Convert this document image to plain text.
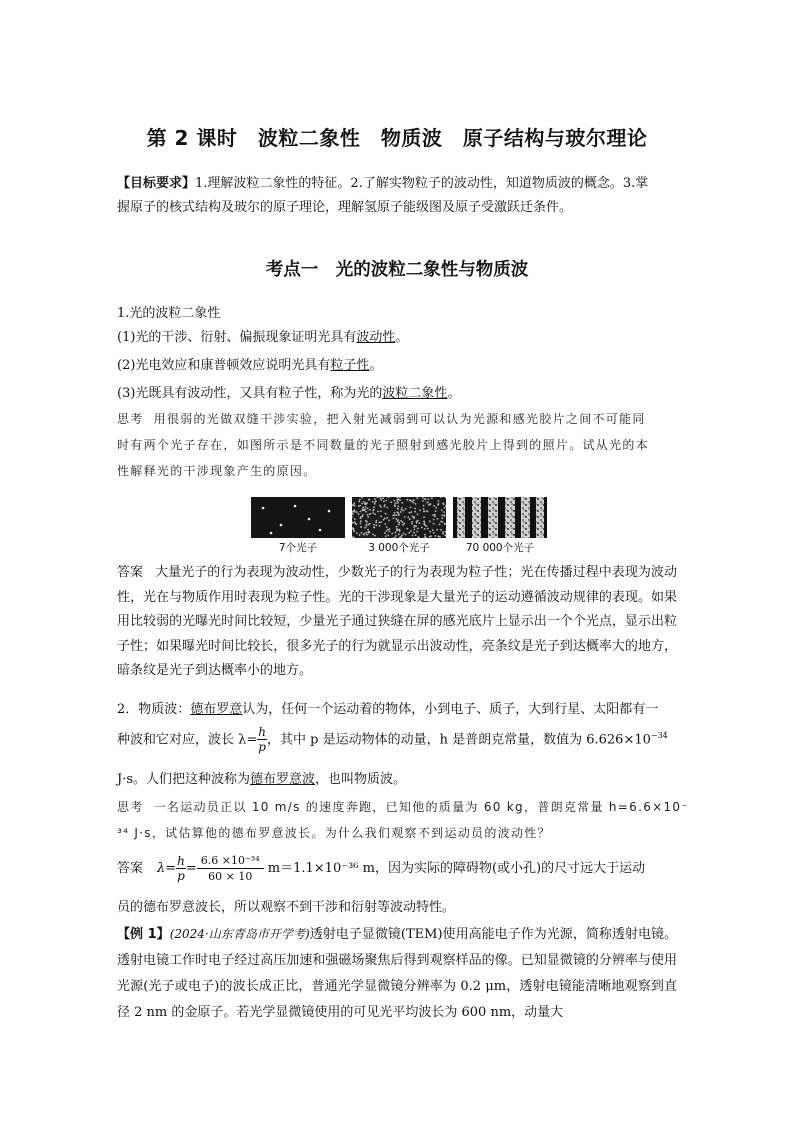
第 2 课时　波粒二象性　物质波　原子结构与玻尔理论
【目标要求】1.理解波粒二象性的特征。2.了解实物粒子的波动性，知道物质波的概念。3.掌
握原子的核式结构及玻尔的原子理论，理解氢原子能级图及原子受激跃迁条件。
考点一　光的波粒二象性与物质波
1.光的波粒二象性
(1)光的干涉、衍射、偏振现象证明光具有波动性。
(2)光电效应和康普顿效应说明光具有粒子性。
(3)光既具有波动性，又具有粒子性，称为光的波粒二象性。
思考 用很弱的光做双缝干涉实验，把入射光减弱到可以认为光源和感光胶片之间不可能同
时有两个光子存在，如图所示是不同数量的光子照射到感光胶片上得到的照片。试从光的本
性解释光的干涉现象产生的原因。
7个光子	3 000个光子	70 000个光子
答案 大量光子的行为表现为波动性，少数光子的行为表现为粒子性；光在传播过程中表现为波动性，光在与物质作用时表现为粒子性。光的干涉现象是大量光子的运动遵循波动规律的表现。如果用比较弱的光曝光时间比较短，少量光子通过狭缝在屏的感光底片上显示出一个个光点，显示出粒子性；如果曝光时间比较长，很多光子的行为就显示出波动性，亮条纹是光子到达概率大的地方，暗条纹是光子到达概率小的地方。
2．物质波：德布罗意认为，任何一个运动着的物体，小到电子、质子，大到行星、太阳都有一
种波和它对应，波长 $\lambda= \frac{h}{p}$ ，其中 p 是运动物体的动量，h 是普朗克常量，数值为 $6.626\times 10^{-34}$
J·s。人们把这种波称为德布罗意波，也叫物质波。
思考 一名运动员正以 10 m/s 的速度奔跑，已知他的质量为 60 kg，普朗克常量 h=6.6×10⁻
³⁴ J·s，试估算他的德布罗意波长。为什么我们观察不到运动员的波动性？
答案 $\lambda= \frac{h}{p} = \frac{\text{6.6 ×10⁻³⁴}}{60 \times 10} m=1.1\times 10^{-36}$ m，因为实际的障碍物(或小孔)的尺寸远大于运动
员的德布罗意波长，所以观察不到干涉和衍射等波动特性。
【例 1】(2024·山东青岛市开学考)透射电子显微镜(TEM)使用高能电子作为光源，简称透射电镜。透射电镜工作时电子经过高压加速和强磁场聚焦后得到观察样品的像。已知显微镜的分辨率与使用光源(光子或电子)的波长成正比，普通光学显微镜分辨率为 0.2 μm，透射电镜能清晰地观察到直径 2 nm 的金原子。若光学显微镜使用的可见光平均波长为 600 nm，动量大
